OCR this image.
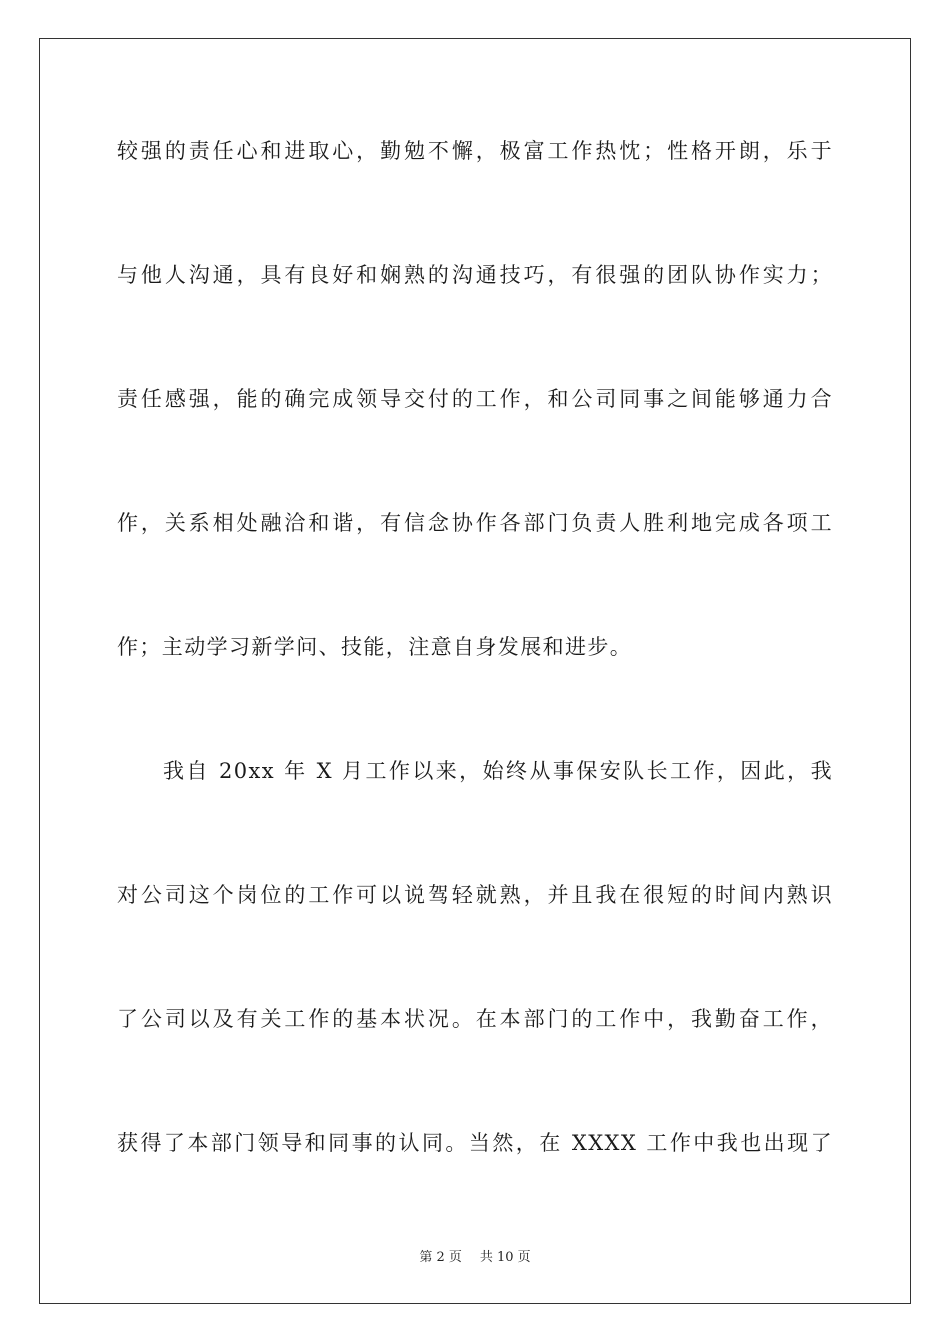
较强的责任心和进取心，勤勉不懈，极富工作热忱；性格开朗，乐于
与他人沟通，具有良好和娴熟的沟通技巧，有很强的团队协作实力；
责任感强，能的确完成领导交付的工作，和公司同事之间能够通力合
作，关系相处融洽和谐，有信念协作各部门负责人胜利地完成各项工
作；主动学习新学问、技能，注意自身发展和进步。
我自 20xx 年 X 月工作以来，始终从事保安队长工作，因此，我
对公司这个岗位的工作可以说驾轻就熟，并且我在很短的时间内熟识
了公司以及有关工作的基本状况。在本部门的工作中，我勤奋工作，
获得了本部门领导和同事的认同。当然，在 XXXX 工作中我也出现了
第 2 页 共 10 页
